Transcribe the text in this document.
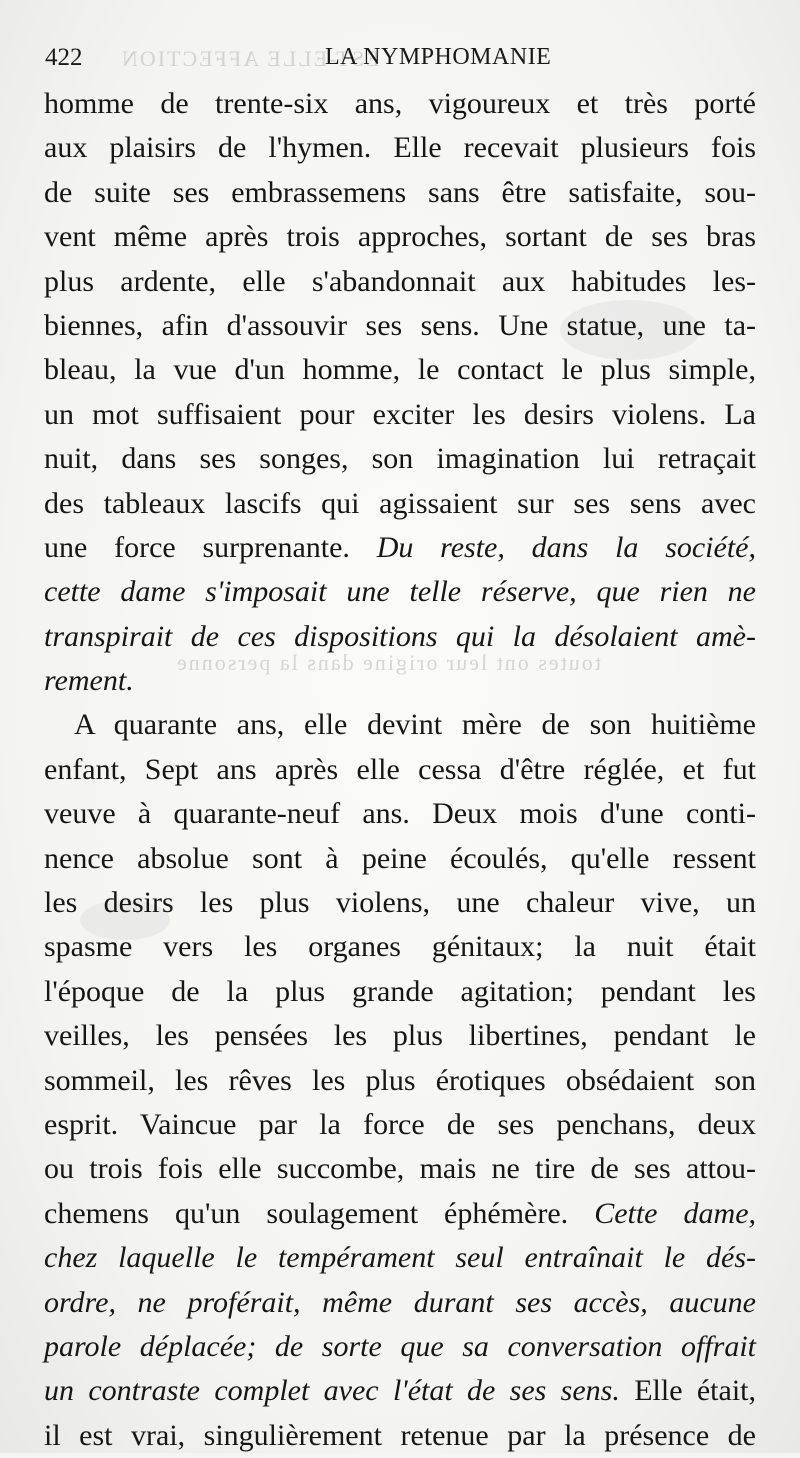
EST-ELLE AFFECTION
toutes ont leur origine dans la personne
422	LA NYMPHOMANIE
homme de trente-six ans, vigoureux et très porté
aux plaisirs de l'hymen. Elle recevait plusieurs fois
de suite ses embrassemens sans être satisfaite, sou-
vent même après trois approches, sortant de ses bras
plus ardente, elle s'abandonnait aux habitudes les-
biennes, afin d'assouvir ses sens. Une statue, une ta-
bleau, la vue d'un homme, le contact le plus simple,
un mot suffisaient pour exciter les desirs violens. La
nuit, dans ses songes, son imagination lui retraçait
des tableaux lascifs qui agissaient sur ses sens avec
une force surprenante. Du reste, dans la société,
cette dame s'imposait une telle réserve, que rien ne
transpirait de ces dispositions qui la désolaient amè-
rement.
A quarante ans, elle devint mère de son huitième
enfant, Sept ans après elle cessa d'être réglée, et fut
veuve à quarante-neuf ans. Deux mois d'une conti-
nence absolue sont à peine écoulés, qu'elle ressent
les desirs les plus violens, une chaleur vive, un
spasme vers les organes génitaux; la nuit était
l'époque de la plus grande agitation; pendant les
veilles, les pensées les plus libertines, pendant le
sommeil, les rêves les plus érotiques obsédaient son
esprit. Vaincue par la force de ses penchans, deux
ou trois fois elle succombe, mais ne tire de ses attou-
chemens qu'un soulagement éphémère. Cette dame,
chez laquelle le tempérament seul entraînait le dés-
ordre, ne proférait, même durant ses accès, aucune
parole déplacée; de sorte que sa conversation offrait
un contraste complet avec l'état de ses sens. Elle était,
il est vrai, singulièrement retenue par la présence de
